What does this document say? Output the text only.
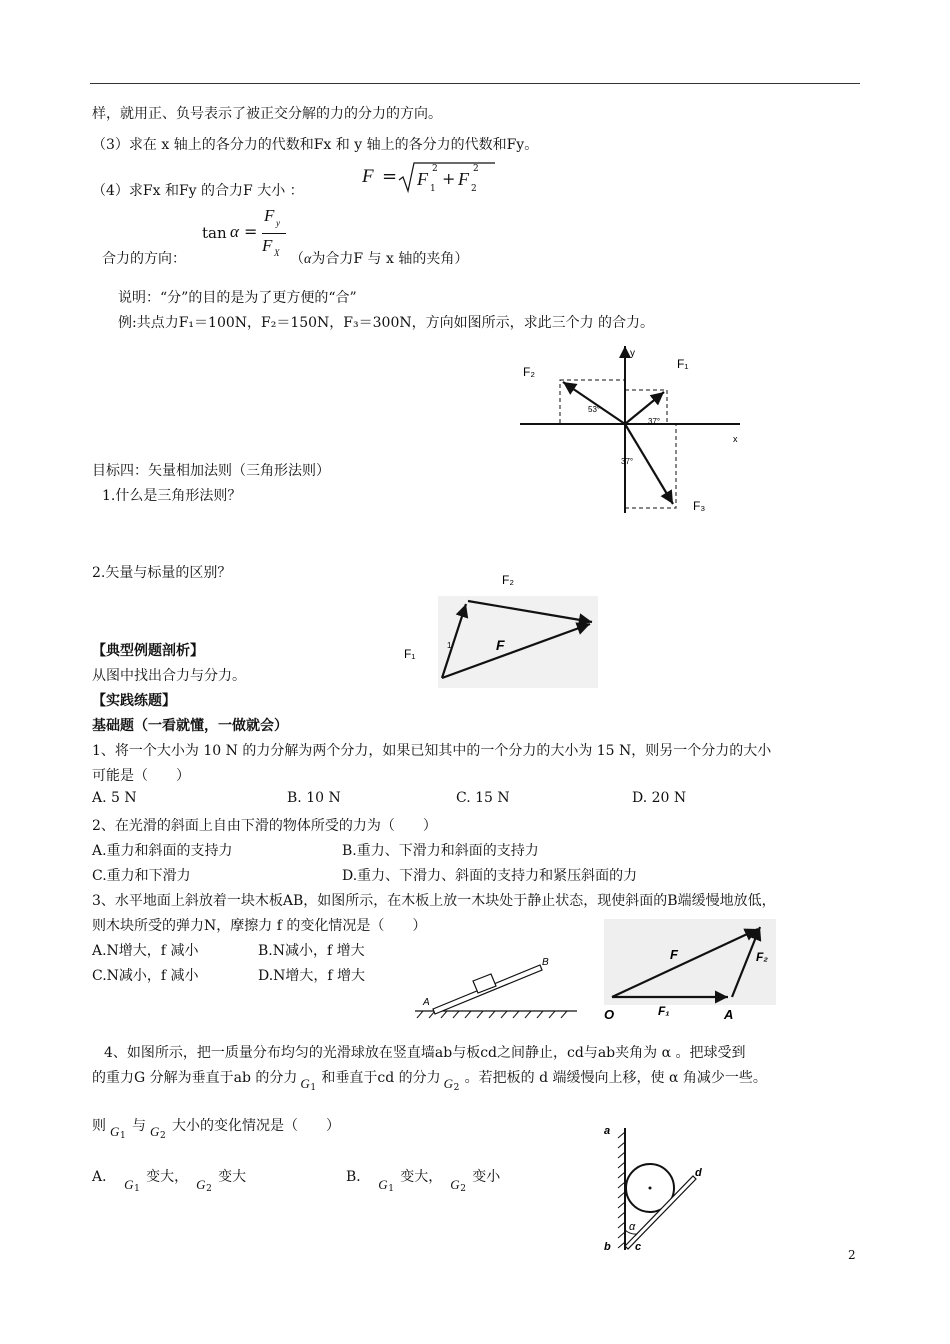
样，就用正、负号表示了被正交分解的力的分力的方向。
（3）求在 x 轴上的各分力的代数和Fx 和 y 轴上的各分力的代数和Fy。
（4）求Fx 和Fy 的合力F 大小 ：
F = F 1
2 + F 2
2
tan α =
F y
F X
合力的方向：	（α为合力F 与 x 轴的夹角）
说明：“分”的目的是为了更方便的“合”
例:共点力F₁＝100N，F₂＝150N，F₃＝300N，方向如图所示，求此三个力 的合力。
F₂
F₁
F₃
y
x
53°
37°
37°
目标四：矢量相加法则（三角形法则）
1.什么是三角形法则？
2.矢量与标量的区别？	F₂
F₁
F
1
【典型例题剖析】
从图中找出合力与分力。
【实践练题】
基础题（一看就懂，一做就会）
1、将一个大小为 10 N 的力分解为两个分力，如果已知其中的一个分力的大小为 15 N，则另一个分力的大小
可能是（　　）
A. 5 N	B. 10 N	C. 15 N	D. 20 N
2、在光滑的斜面上自由下滑的物体所受的力为（　　）
A.重力和斜面的支持力	B.重力、下滑力和斜面的支持力
C.重力和下滑力	D.重力、下滑力、斜面的支持力和紧压斜面的力
3、水平地面上斜放着一块木板AB，如图所示，在木板上放一木块处于静止状态，现使斜面的B端缓慢地放低，
则木块所受的弹力N，摩擦力 f 的变化情况是（　　）
A.N增大，f 减小	B.N减小，f 增大
C.N减小，f 减小	D.N增大，f 增大
A
B
O	A
F
F₁
F₂
4、如图所示，把一质量分布均匀的光滑球放在竖直墙ab与板cd之间静止，cd与ab夹角为 α 。把球受到
的重力G 分解为垂直于ab 的分力 G 1
和垂直于cd 的分力 G 2
。若把板的 d 端缓慢向上移，使 α 角减少一些。
则 G 1
与 G 2
大小的变化情况是（　　）
A． G 1
变大， G 2
变大	B． G 1
变大， G 2
变小
a
b c
d
α
2
